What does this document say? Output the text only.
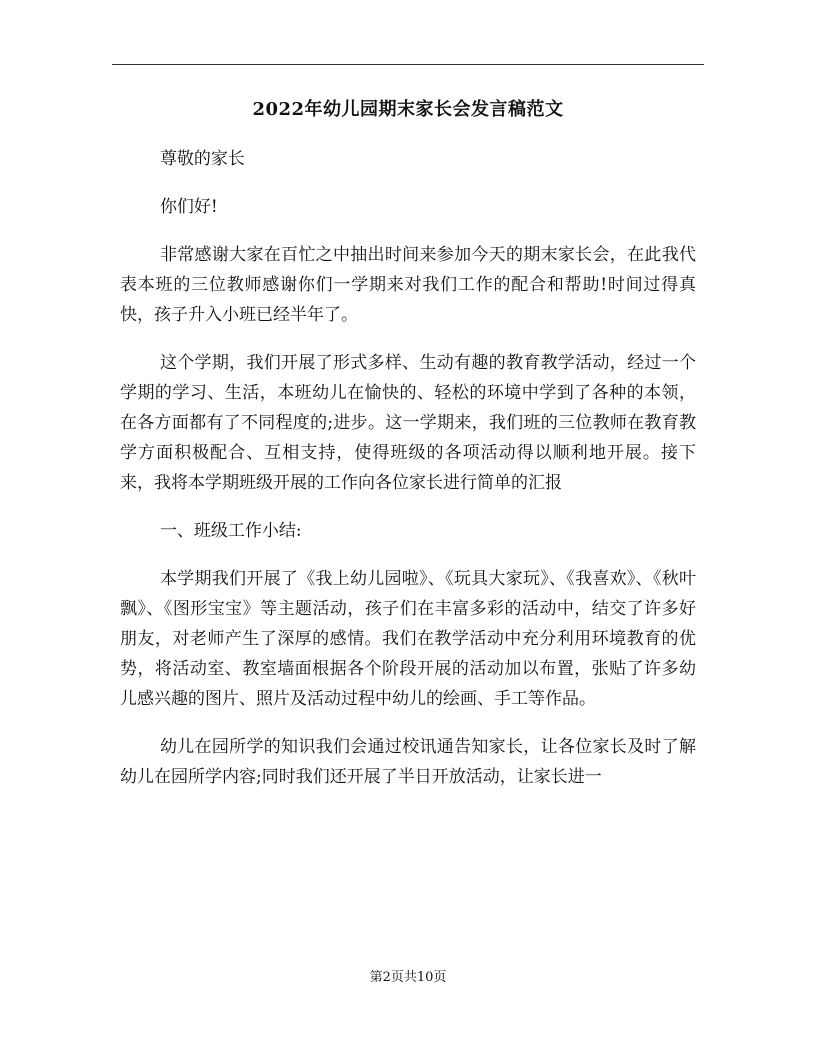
2022年幼儿园期末家长会发言稿范文

尊敬的家长

你们好!

非常感谢大家在百忙之中抽出时间来参加今天的期末家长会，在此我代表本班的三位教师感谢你们一学期来对我们工作的配合和帮助!时间过得真快，孩子升入小班已经半年了。

这个学期，我们开展了形式多样、生动有趣的教育教学活动，经过一个学期的学习、生活，本班幼儿在愉快的、轻松的环境中学到了各种的本领，在各方面都有了不同程度的;进步。这一学期来，我们班的三位教师在教育教学方面积极配合、互相支持，使得班级的各项活动得以顺利地开展。接下来，我将本学期班级开展的工作向各位家长进行简单的汇报

一、班级工作小结:

本学期我们开展了《我上幼儿园啦》、《玩具大家玩》、《我喜欢》、《秋叶飘》、《图形宝宝》等主题活动，孩子们在丰富多彩的活动中，结交了许多好朋友，对老师产生了深厚的感情。我们在教学活动中充分利用环境教育的优势，将活动室、教室墙面根据各个阶段开展的活动加以布置，张贴了许多幼儿感兴趣的图片、照片及活动过程中幼儿的绘画、手工等作品。

幼儿在园所学的知识我们会通过校讯通告知家长，让各位家长及时了解幼儿在园所学内容;同时我们还开展了半日开放活动，让家长进一

第2页共10页
